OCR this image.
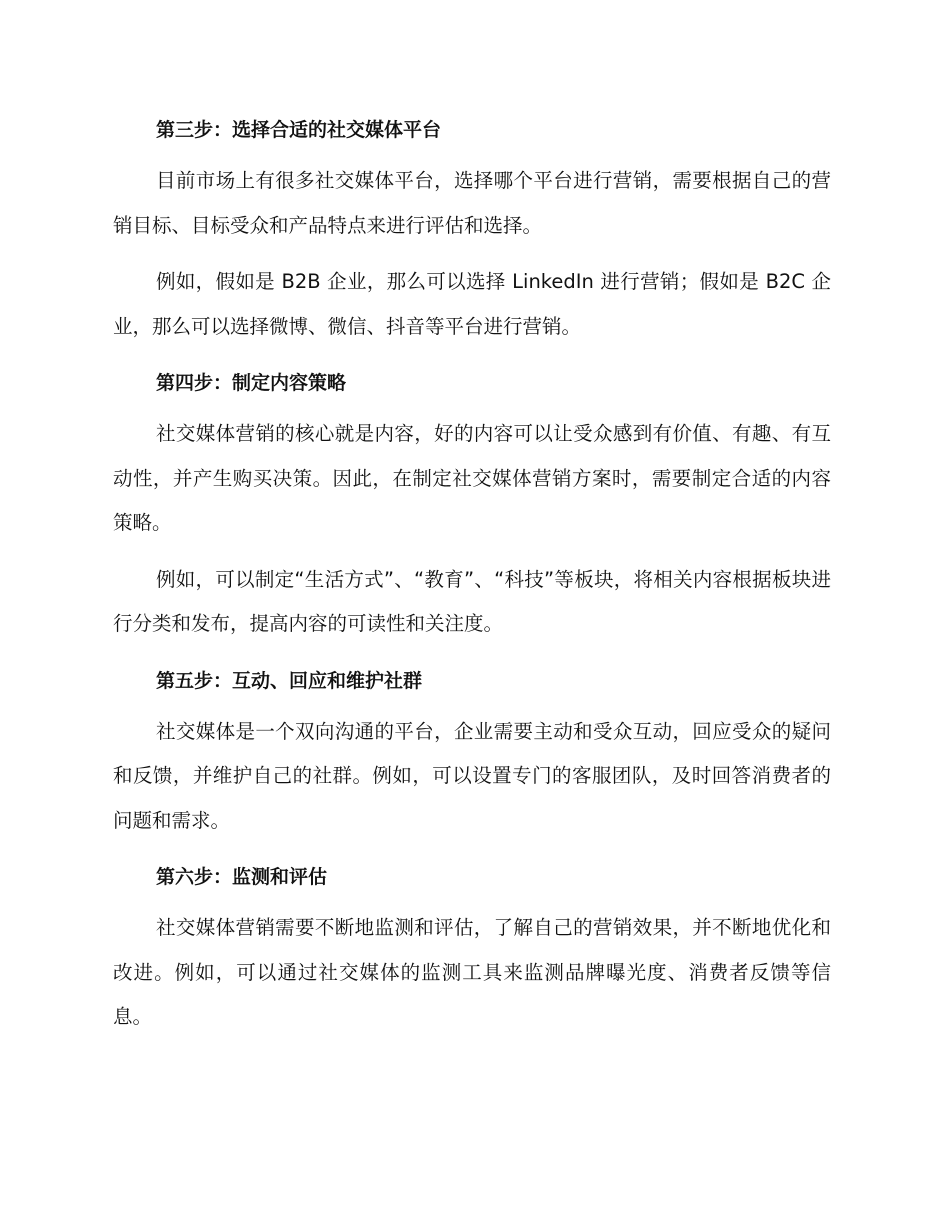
第三步：选择合适的社交媒体平台

目前市场上有很多社交媒体平台，选择哪个平台进行营销，需要根据自己的营销目标、目标受众和产品特点来进行评估和选择。

例如，假如是 B2B 企业，那么可以选择 LinkedIn 进行营销；假如是 B2C 企业，那么可以选择微博、微信、抖音等平台进行营销。

第四步：制定内容策略

社交媒体营销的核心就是内容，好的内容可以让受众感到有价值、有趣、有互动性，并产生购买决策。因此，在制定社交媒体营销方案时，需要制定合适的内容策略。

例如，可以制定“生活方式”、“教育”、“科技”等板块，将相关内容根据板块进行分类和发布，提高内容的可读性和关注度。

第五步：互动、回应和维护社群

社交媒体是一个双向沟通的平台，企业需要主动和受众互动，回应受众的疑问和反馈，并维护自己的社群。例如，可以设置专门的客服团队，及时回答消费者的问题和需求。

第六步：监测和评估

社交媒体营销需要不断地监测和评估，了解自己的营销效果，并不断地优化和改进。例如，可以通过社交媒体的监测工具来监测品牌曝光度、消费者反馈等信息。
